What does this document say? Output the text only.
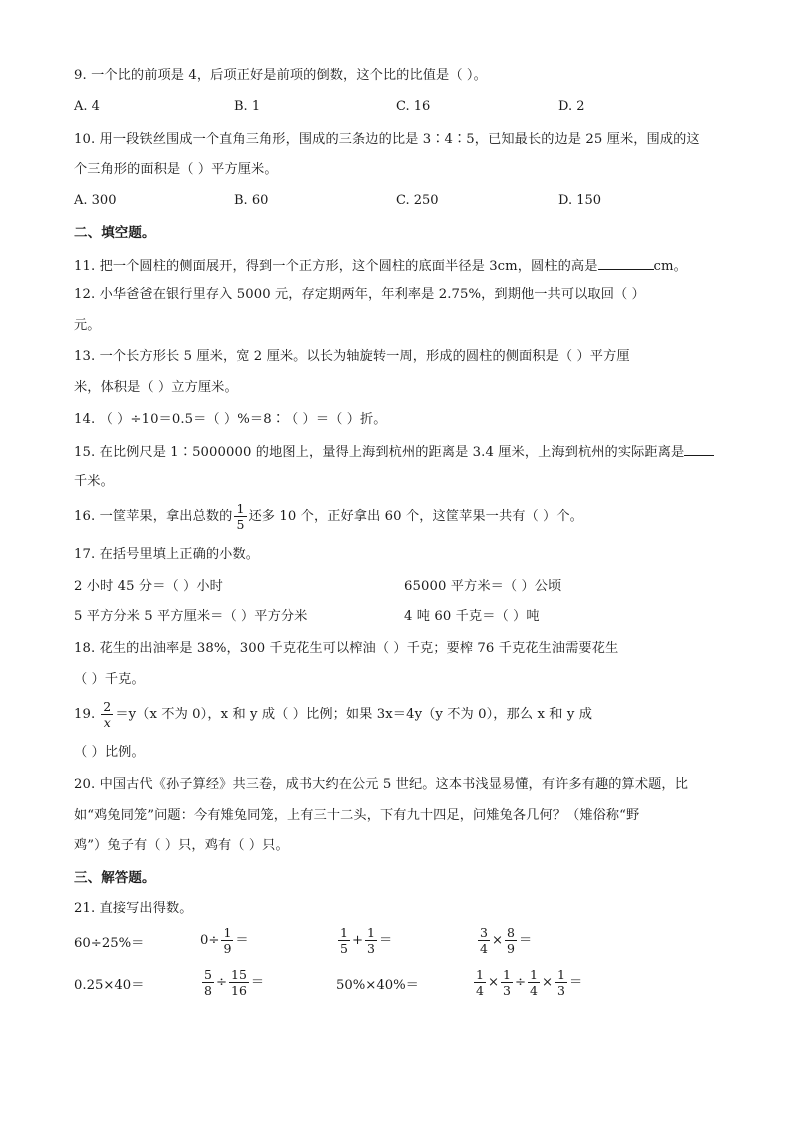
9. 一个比的前项是 4，后项正好是前项的倒数，这个比的比值是（ ）。
A. 4	B. 1	C. 16	D. 2
10. 用一段铁丝围成一个直角三角形，围成的三条边的比是 3∶4∶5，已知最长的边是 25 厘米，围成的这
个三角形的面积是（ ）平方厘米。
A. 300	B. 60	C. 250	D. 150
二、填空题。
11. 把一个圆柱的侧面展开，得到一个正方形，这个圆柱的底面半径是 3cm，圆柱的高是	cm。
12. 小华爸爸在银行里存入 5000 元，存定期两年，年利率是 2.75%，到期他一共可以取回（ ）
元。
13. 一个长方形长 5 厘米，宽 2 厘米。以长为轴旋转一周，形成的圆柱的侧面积是（ ）平方厘
米，体积是（ ）立方厘米。
14. （ ）÷10＝0.5＝（ ）%＝8∶（ ）＝（ ）折。
15. 在比例尺是 1∶5000000 的地图上，量得上海到杭州的距离是 3.4 厘米，上海到杭州的实际距离是
千米。
16. 一筐苹果，拿出总数的 $\frac{1}{5}$ 还多 10 个，正好拿出 60 个，这筐苹果一共有（ ）个。
17. 在括号里填上正确的小数。
2 小时 45 分＝（ ）小时	65000 平方米＝（ ）公顷
5 平方分米 5 平方厘米＝（ ）平方分米	4 吨 60 千克＝（ ）吨
18. 花生的出油率是 38%，300 千克花生可以榨油（ ）千克；要榨 76 千克花生油需要花生
（ ）千克。
19. $\frac{2}{x} =y(x$ 不为 0），x 和 y 成（ ）比例；如果 3x＝4y（y 不为 0），那么 x 和 y 成
（ ）比例。
20. 中国古代《孙子算经》共三卷，成书大约在公元 5 世纪。这本书浅显易懂，有许多有趣的算术题，比
如“鸡兔同笼”问题：今有雉兔同笼，上有三十二头，下有九十四足，问雉兔各几何？（雉俗称“野
鸡”）兔子有（ ）只，鸡有（ ）只。
三、解答题。
21. 直接写出得数。
60÷25%＝	$0\div \frac{1}{9}$ ＝	$\frac{1}{5} + \frac{1}{3}$ ＝	$\frac{3}{4} \times \frac{8}{9}$ ＝
0.25×40＝	$\frac{5}{8} \div \frac{15}{16}$ ＝	50%×40%＝	$\frac{1}{4} \times \frac{1}{3} \div \frac{1}{4} \times \frac{1}{3}$ ＝
